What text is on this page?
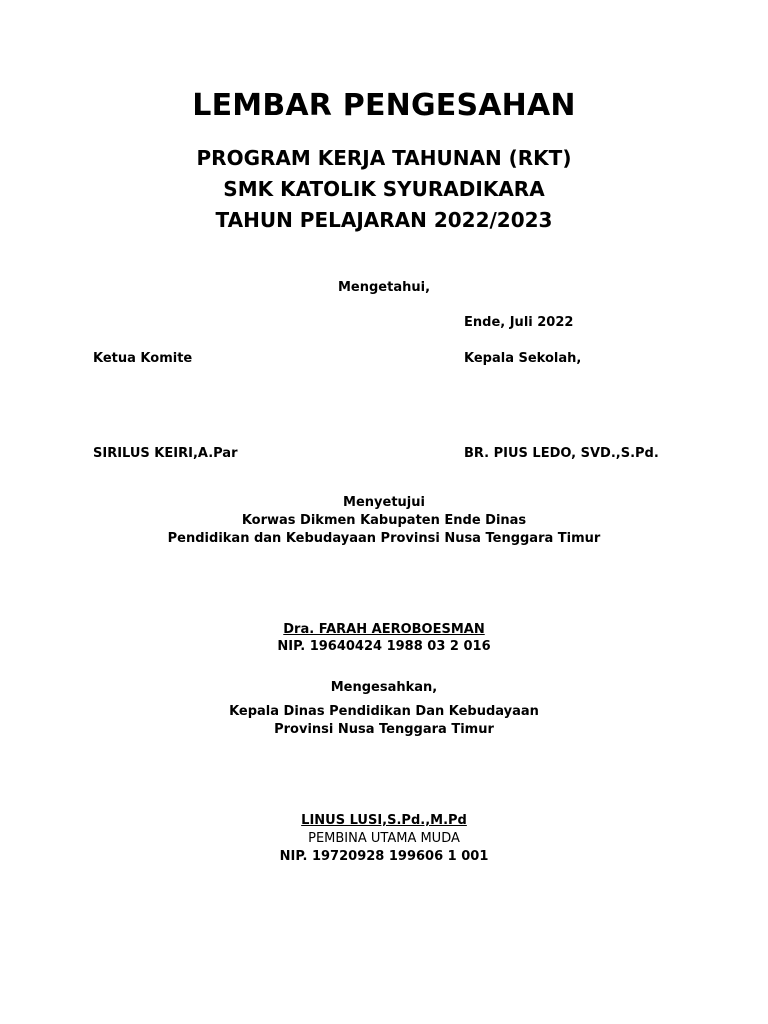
LEMBAR PENGESAHAN
PROGRAM KERJA TAHUNAN (RKT)
SMK KATOLIK SYURADIKARA
TAHUN PELAJARAN 2022/2023
Mengetahui,
Ende, Juli 2022
Ketua Komite	Kepala Sekolah,
SIRILUS KEIRI,A.Par	BR. PIUS LEDO, SVD.,S.Pd.
Menyetujui
Korwas Dikmen Kabupaten Ende Dinas
Pendidikan dan Kebudayaan Provinsi Nusa Tenggara Timur
Dra. FARAH AEROBOESMAN
NIP. 19640424 1988 03 2 016
Mengesahkan,
Kepala Dinas Pendidikan Dan Kebudayaan
Provinsi Nusa Tenggara Timur
LINUS LUSI,S.Pd.,M.Pd
PEMBINA UTAMA MUDA
NIP. 19720928 199606 1 001
